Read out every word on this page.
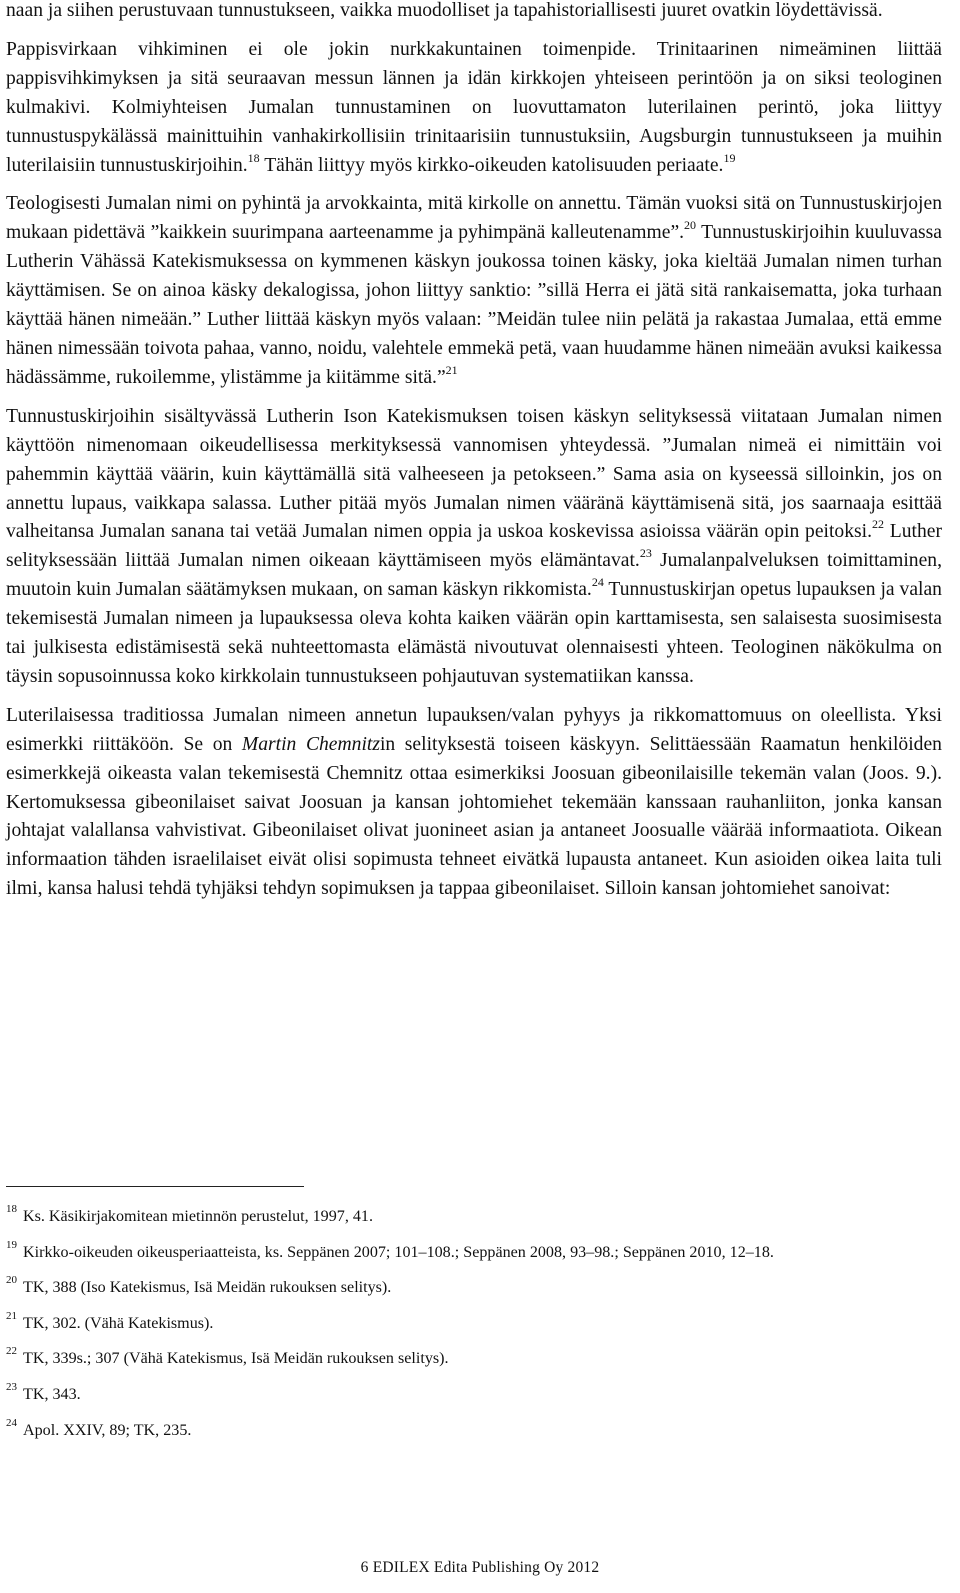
naan ja siihen perustuvaan tunnustukseen, vaikka muodolliset ja tapahistoriallisesti juuret ovatkin löydettävissä.

Pappisvirkaan vihkiminen ei ole jokin nurkkakuntainen toimenpide. Trinitaarinen nimeäminen liittää pappisvihkimyksen ja sitä seuraavan messun lännen ja idän kirkkojen yhteiseen perintöön ja on siksi teologinen kulmakivi. Kolmiyhteisen Jumalan tunnustaminen on luovuttamaton luterilainen perintö, joka liittyy tunnustuspykälässä mainittuihin vanhakirkollisiin trinitaarisiin tunnustuksiin, Augsburgin tunnustukseen ja muihin luterilaisiin tunnustuskirjoihin.$^{18}$ Tähän liittyy myös kirkko-oikeuden katolisuuden periaate.$^{19}$

Teologisesti Jumalan nimi on pyhintä ja arvokkainta, mitä kirkolle on annettu. Tämän vuoksi sitä on Tunnustuskirjojen mukaan pidettävä ”kaikkein suurimpana aarteenamme ja pyhimpänä kalleutenamme”.$^{20}$ Tunnustuskirjoihin kuuluvassa Lutherin Vähässä Katekismuksessa on kymmenen käskyn joukossa toinen käsky, joka kieltää Jumalan nimen turhan käyttämisen. Se on ainoa käsky dekalogissa, johon liittyy sanktio: ”sillä Herra ei jätä sitä rankaisematta, joka turhaan käyttää hänen nimeään.” Luther liittää käskyn myös valaan: ”Meidän tulee niin pelätä ja rakastaa Jumalaa, että emme hänen nimessään toivota pahaa, vanno, noidu, valehtele emmekä petä, vaan huudamme hänen nimeään avuksi kaikessa hädässämme, rukoilemme, ylistämme ja kiitämme sitä.”$^{21}$

Tunnustuskirjoihin sisältyvässä Lutherin Ison Katekismuksen toisen käskyn selityksessä viitataan Jumalan nimen käyttöön nimenomaan oikeudellisessa merkityksessä vannomisen yhteydessä. ”Jumalan nimeä ei nimittäin voi pahemmin käyttää väärin, kuin käyttämällä sitä valheeseen ja petokseen.” Sama asia on kyseessä silloinkin, jos on annettu lupaus, vaikkapa salassa. Luther pitää myös Jumalan nimen vääränä käyttämisenä sitä, jos saarnaaja esittää valheitansa Jumalan sanana tai vetää Jumalan nimen oppia ja uskoa koskevissa asioissa väärän opin peitoksi.$^{22}$ Luther selityksessään liittää Jumalan nimen oikeaan käyttämiseen myös elämäntavat.$^{23}$ Jumalanpalveluksen toimittaminen, muutoin kuin Jumalan säätämyksen mukaan, on saman käskyn rikkomista.$^{24}$ Tunnustuskirjan opetus lupauksen ja valan tekemisestä Jumalan nimeen ja lupauksessa oleva kohta kaiken väärän opin karttamisesta, sen salaisesta suosimisesta tai julkisesta edistämisestä sekä nuhteettomasta elämästä nivoutuvat olennaisesti yhteen. Teologinen näkökulma on täysin sopusoinnussa koko kirkkolain tunnustukseen pohjautuvan systematiikan kanssa.

Luterilaisessa traditiossa Jumalan nimeen annetun lupauksen/valan pyhyys ja rikkomattomuus on oleellista. Yksi esimerkki riittäköön. Se on Martin Chemnitzin selityksestä toiseen käskyyn. Selittäessään Raamatun henkilöiden esimerkkejä oikeasta valan tekemisestä Chemnitz ottaa esimerkiksi Joosuan gibeonilaisille tekemän valan (Joos. 9.). Kertomuksessa gibeonilaiset saivat Joosuan ja kansan johtomiehet tekemään kanssaan rauhanliiton, jonka kansan johtajat valallansa vahvistivat. Gibeonilaiset olivat juonineet asian ja antaneet Joosualle väärää informaatiota. Oikean informaation tähden israelilaiset eivät olisi sopimusta tehneet eivätkä lupausta antaneet. Kun asioiden oikea laita tuli ilmi, kansa halusi tehdä tyhjäksi tehdyn sopimuksen ja tappaa gibeonilaiset. Silloin kansan johtomiehet sanoivat:

$^{18}$ Ks. Käsikirjakomitean mietinnön perustelut, 1997, 41.

$^{19}$ Kirkko-oikeuden oikeusperiaatteista, ks. Seppänen 2007; 101–108.; Seppänen 2008, 93–98.; Seppänen 2010, 12–18.

$^{20}$ TK, 388 (Iso Katekismus, Isä Meidän rukouksen selitys).

$^{21}$ TK, 302. (Vähä Katekismus).

$^{22}$ TK, 339s.; 307 (Vähä Katekismus, Isä Meidän rukouksen selitys).

$^{23}$ TK, 343.

$^{24}$ Apol. XXIV, 89; TK, 235.

6 EDILEX Edita Publishing Oy 2012
